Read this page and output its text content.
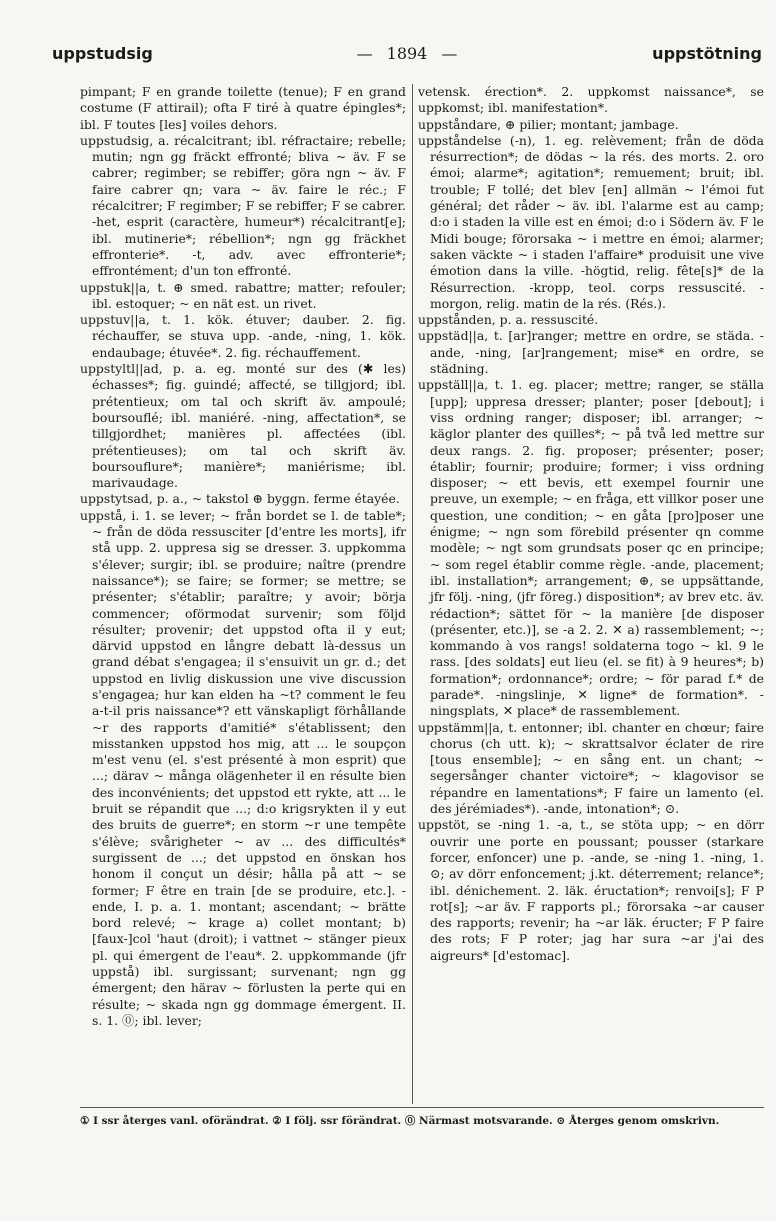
uppstudsig	— 1894 —	uppstötning

pimpant; F en grande toilette (tenue); F en grand costume (F attirail); ofta F tiré à quatre épingles*; ibl. F toutes [les] voiles dehors.

uppstudsig, a. récalcitrant; ibl. réfractaire; rebelle; mutin; ngn gg fräckt effronté; bliva ~ äv. F se cabrer; regimber; se rebiffer; göra ngn ~ äv. F faire cabrer qn; vara ~ äv. faire le réc.; F récalcitrer; F regimber; F se rebiffer; F se cabrer. -het, esprit (caractère, humeur*) récalcitrant[e]; ibl. mutinerie*; rébellion*; ngn gg fräckhet effronterie*. -t, adv. avec effronterie*; effrontément; d'un ton effronté.

uppstuk||a, t. ⊕ smed. rabattre; matter; refouler; ibl. estoquer; ~ en nät est. un rivet.

uppstuv||a, t. 1. kök. étuver; dauber. 2. fig. réchauffer, se stuva upp. -ande, -ning, 1. kök. endaubage; étuvée*. 2. fig. réchauffement.

uppstyltl||ad, p. a. eg. monté sur des (✱ les) échasses*; fig. guindé; affecté, se tillgjord; ibl. prétentieux; om tal och skrift äv. ampoulé; boursouflé; ibl. maniéré. -ning, affectation*, se tillgjordhet; manières pl. affectées (ibl. prétentieuses); om tal och skrift äv. boursouflure*; manière*; maniérisme; ibl. marivaudage.

uppstytsad, p. a., ~ takstol ⊕ byggn. ferme étayée.

uppstå, i. 1. se lever; ~ från bordet se l. de table*; ~ från de döda ressusciter [d'entre les morts], ifr stå upp. 2. uppresa sig se dresser. 3. uppkomma s'élever; surgir; ibl. se produire; naître (prendre naissance*); se faire; se former; se mettre; se présenter; s'établir; paraître; y avoir; börja commencer; oförmodat survenir; som följd résulter; provenir; det uppstod ofta il y eut; därvid uppstod en långre debatt là-dessus un grand débat s'engagea; il s'ensuivit un gr. d.; det uppstod en livlig diskussion une vive discussion s'engagea; hur kan elden ha ~t? comment le feu a-t-il pris naissance*? ett vänskapligt förhållande ~r des rapports d'amitié* s'établissent; den misstanken uppstod hos mig, att ... le soupçon m'est venu (el. s'est présenté à mon esprit) que ...; därav ~ många olägenheter il en résulte bien des inconvénients; det uppstod ett rykte, att ... le bruit se répandit que ...; d:o krigsrykten il y eut des bruits de guerre*; en storm ~r une tempête s'élève; svårigheter ~ av ... des difficultés* surgissent de ...; det uppstod en önskan hos honom il conçut un désir; hålla på att ~ se former; F être en train [de se produire, etc.]. -ende, I. p. a. 1. montant; ascendant; ~ brätte bord relevé; ~ krage a) collet montant; b) [faux-]col 'haut (droit); i vattnet ~ stänger pieux pl. qui émergent de l'eau*. 2. uppkommande (jfr uppstå) ibl. surgissant; survenant; ngn gg émergent; den härav ~ förlusten la perte qui en résulte; ~ skada ngn gg dommage émergent. II. s. 1. ⓪; ibl. lever;

vetensk. érection*. 2. uppkomst naissance*, se uppkomst; ibl. manifestation*.

uppståndare, ⊕ pilier; montant; jambage.

uppståndelse (-n), 1. eg. relèvement; från de döda résurrection*; de dödas ~ la rés. des morts. 2. oro émoi; alarme*; agitation*; remuement; bruit; ibl. trouble; F tollé; det blev [en] allmän ~ l'émoi fut général; det råder ~ äv. ibl. l'alarme est au camp; d:o i staden la ville est en émoi; d:o i Södern äv. F le Midi bouge; förorsaka ~ i mettre en émoi; alarmer; saken väckte ~ i staden l'affaire* produisit une vive émotion dans la ville. -högtid, relig. fête[s]* de la Résurrection. -kropp, teol. corps ressuscité. -morgon, relig. matin de la rés. (Rés.).

uppstånden, p. a. ressuscité.

uppstäd||a, t. [ar]ranger; mettre en ordre, se städa. -ande, -ning, [ar]rangement; mise* en ordre, se städning.

uppställ||a, t. 1. eg. placer; mettre; ranger, se ställa [upp]; uppresa dresser; planter; poser [debout]; i viss ordning ranger; disposer; ibl. arranger; ~ käglor planter des quilles*; ~ på två led mettre sur deux rangs. 2. fig. proposer; présenter; poser; établir; fournir; produire; former; i viss ordning disposer; ~ ett bevis, ett exempel fournir une preuve, un exemple; ~ en fråga, ett villkor poser une question, une condition; ~ en gåta [pro]poser une énigme; ~ ngn som förebild présenter qn comme modèle; ~ ngt som grundsats poser qc en principe; ~ som regel établir comme règle. -ande, placement; ibl. installation*; arrangement; ⊕, se uppsättande, jfr följ. -ning, (jfr föreg.) disposition*; av brev etc. äv. rédaction*; sättet för ~ la manière [de disposer (présenter, etc.)], se -a 2. 2. ✕ a) rassemblement; ~; kommando à vos rangs! soldaterna togo ~ kl. 9 le rass. [des soldats] eut lieu (el. se fit) à 9 heures*; b) formation*; ordonnance*; ordre; ~ för parad f.* de parade*. -ningslinje, ✕ ligne* de formation*. -ningsplats, ✕ place* de rassemblement.

uppstämm||a, t. entonner; ibl. chanter en chœur; faire chorus (ch utt. k); ~ skrattsalvor éclater de rire [tous ensemble]; ~ en sång ent. un chant; ~ segersånger chanter victoire*; ~ klagovisor se répandre en lamentations*; F faire un lamento (el. des jérémiades*). -ande, intonation*; ⊙.

uppstöt, se -ning 1. -a, t., se stöta upp; ~ en dörr ouvrir une porte en poussant; pousser (starkare forcer, enfoncer) une p. -ande, se -ning 1. -ning, 1. ⊙; av dörr enfoncement; j.kt. déterrement; relance*; ibl. dénichement. 2. läk. éructation*; renvoi[s]; F P rot[s]; ~ar äv. F rapports pl.; förorsaka ~ar causer des rapports; revenir; ha ~ar läk. éructer; F P faire des rots; F P roter; jag har sura ~ar j'ai des aigreurs* [d'estomac].

① I ssr återges vanl. oförändrat. ② I följ. ssr förändrat. ⓪ Närmast motsvarande. ⊙ Återges genom omskrivn.
